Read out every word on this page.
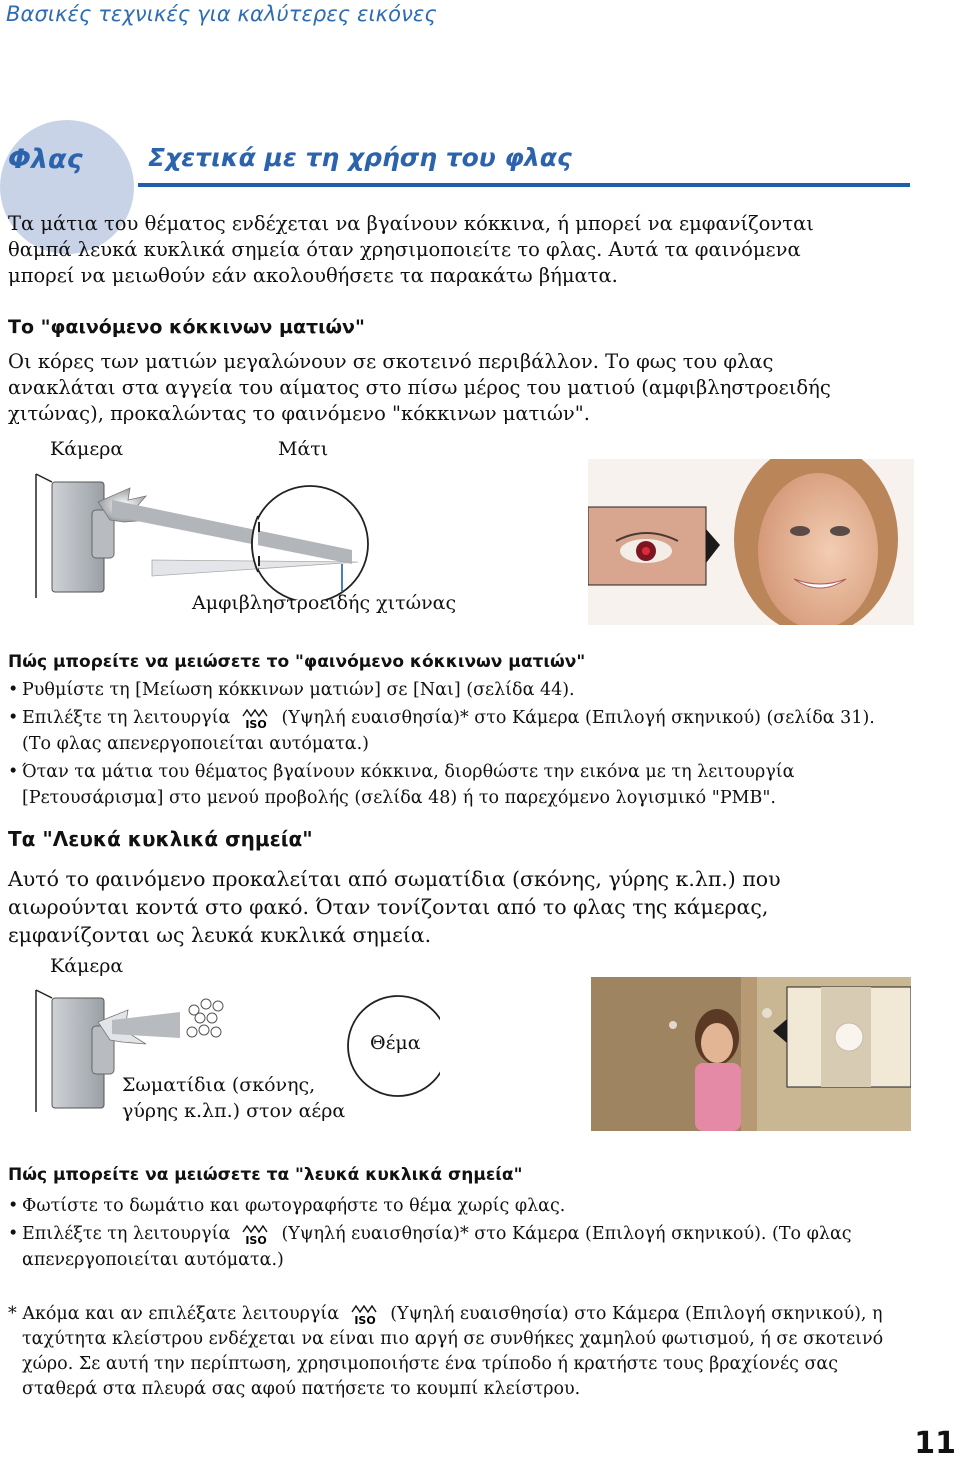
Βασικές τεχνικές για καλύτερες εικόνες
Φλας	Σχετικά με τη χρήση του φλας
Τα μάτια του θέματος ενδέχεται να βγαίνουν κόκκινα, ή μπορεί να εμφανίζονται
θαμπά λευκά κυκλικά σημεία όταν χρησιμοποιείτε το φλας. Αυτά τα φαινόμενα
μπορεί να μειωθούν εάν ακολουθήσετε τα παρακάτω βήματα.
Το "φαινόμενο κόκκινων ματιών"
Οι κόρες των ματιών μεγαλώνουν σε σκοτεινό περιβάλλον. Το φως του φλας
ανακλάται στα αγγεία του αίματος στο πίσω μέρος του ματιού (αμφιβληστροειδής
χιτώνας), προκαλώντας το φαινόμενο "κόκκινων ματιών".
Κάμερα	Μάτι
Αμφιβληστροειδής χιτώνας
Πώς μπορείτε να μειώσετε το "φαινόμενο κόκκινων ματιών"
• Ρυθμίστε τη [Μείωση κόκκινων ματιών] σε [Ναι] (σελίδα 44).
• Επιλέξτε τη λειτουργία ISO (Υψηλή ευαισθησία)* στο Κάμερα (Επιλογή σκηνικού) (σελίδα 31).
(Το φλας απενεργοποιείται αυτόματα.)
• Όταν τα μάτια του θέματος βγαίνουν κόκκινα, διορθώστε την εικόνα με τη λειτουργία
[Ρετουσάρισμα] στο μενού προβολής (σελίδα 48) ή το παρεχόμενο λογισμικό "PMB".
Τα "Λευκά κυκλικά σημεία"
Αυτό το φαινόμενο προκαλείται από σωματίδια (σκόνης, γύρης κ.λπ.) που
αιωρούνται κοντά στο φακό. Όταν τονίζονται από το φλας της κάμερας,
εμφανίζονται ως λευκά κυκλικά σημεία.
Κάμερα
Θέμα
Σωματίδια (σκόνης,
γύρης κ.λπ.) στον αέρα
Πώς μπορείτε να μειώσετε τα "λευκά κυκλικά σημεία"
• Φωτίστε το δωμάτιο και φωτογραφήστε το θέμα χωρίς φλας.
• Επιλέξτε τη λειτουργία ISO (Υψηλή ευαισθησία)* στο Κάμερα (Επιλογή σκηνικού). (Το φλας
απενεργοποιείται αυτόματα.)
* Ακόμα και αν επιλέξατε λειτουργία ISO (Υψηλή ευαισθησία) στο Κάμερα (Επιλογή σκηνικού), η
ταχύτητα κλείστρου ενδέχεται να είναι πιο αργή σε συνθήκες χαμηλού φωτισμού, ή σε σκοτεινό
χώρο. Σε αυτή την περίπτωση, χρησιμοποιήστε ένα τρίποδο ή κρατήστε τους βραχίονές σας
σταθερά στα πλευρά σας αφού πατήσετε το κουμπί κλείστρου.
11
